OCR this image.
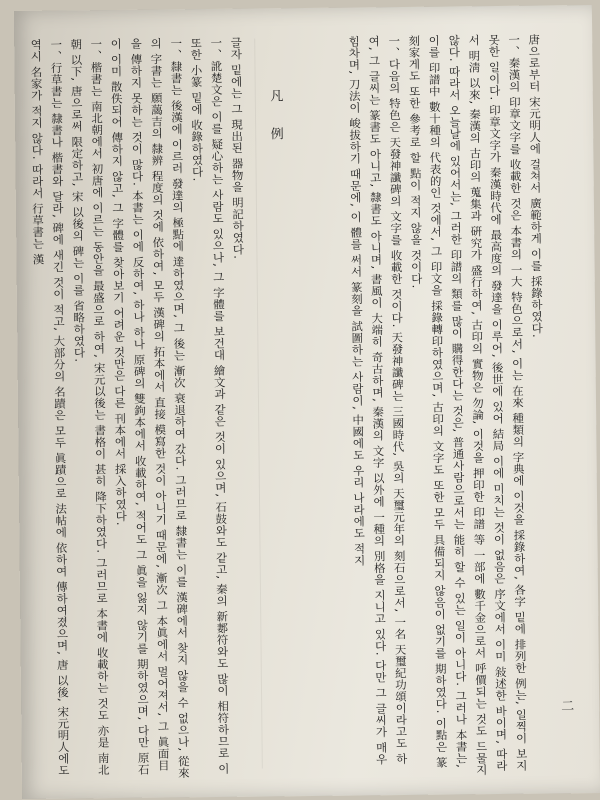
凡 例	唐으로부터 宋元明人에 걸쳐서 廣範하게 이를 採錄하였다.
一、秦漢의 印章文字를 收載한 것은 本書의 一大 特色으로서, 이는 在來 種類의 字典에 이것을 採錄하여, 各字 밑에 排列한 例는, 일찍이 보지 못한 일이다. 印章文字가 秦漢時代에 最高度의 發達을 이루어, 後世에 있어 結局 이에 미치는 것이 없음은 序文에서 이미 敍述한 바이며, 따라서 明淸 以來, 秦漢의 古印의 蒐集과 硏究가 盛行하여, 古印의 實物은 勿論, 이것을 押印한 印譜 等 一部에 數千金으로서 呼價되는 것도 드물지 않다. 따라서 오늘날에 있어서는, 그러한 印譜의 類를 많이 購得한다는 것은, 普通사람으로서는 能히 할 수 있는 일이 아니다. 그러나 本書는, 이를 印譜中 數十種의 代表的인 것에서, 그 印文을 採錄轉印하였으며, 古印의 文字도 또한 모두 具備되지 않음이 없기를 期하였다. 이點은 篆刻家게도 또한 參考로 할 點이 적지 않을 것이다.
一、다음의 特色은 天發神讖碑의 文字를 收載한 것이다. 天發神讖碑는 三國時代, 吳의 天璽元年의 刻石으로서, 一名 天璽紀功頌이라고도 하여, 그 글씨는 篆書도 아니고, 隸書도 아니며, 書風이 大端히 奇古하며, 秦漢의 文字 以外에 一種의 別格을 지니고 있다. 다만 그 글씨가 매우 힘차며, 刀法이 峻拔하기 때문에, 이 體를 써서 篆刻을 試圖하는 사람이, 中國에도 우리 나라에도 적지
글자 밑에는 그 現出된 器物을 明記하였다.
一、訛楚文은 이를 疑心하는 사람도 있으나, 그 字體를 보건대 繪文과 같은 것이 있으며, 石鼓와도 같고, 秦의 新郪符와도 많이 相符하므로 이 또한 小篆 밑에 收錄하였다.
一、隸書는 後漢에 이르러 發達의 極點에 達하였으며, 그 後는 漸次 衰退하여 갔다. 그러므로 隸書는 이를 漢碑에서 찾지 않을 수 없으나, 從來의 字書는 願藹吉의 隸辨 程度의 것에 依하여, 모두 漢碑의 拓本에서 直接 模寫한 것이 아니기 때문에, 漸次 그 本眞에서 멀어져서, 그 眞面目을 傳하지 못하는 것이 많다. 本書는 이에 反하여, 하나 하나 原碑의 雙鉤本에서 收載하여, 적어도 그 眞을 잃지 않기를 期하였으며, 다만 原石이 이미 散佚되어 傳하지 않고, 그 字體를 찾아보기 어려운 것만은 다른 刊本에서 採入하였다.
一、楷書는 南北朝에서 初唐에 이르는 동안을 最盛으로 하여, 宋元以後는 書格이 甚히 降下하였다. 그러므로 本書에 收載하는 것도 亦是 南北朝 以下, 唐으로써 限定하고, 宋 以後의 碑는 이를 省略하였다.
一、行草書는 隸書나 楷書와 달라, 碑에 새긴 것이 적고, 大部分의 名蹟은 모두 眞蹟으로 法帖에 依하여 傳하여졌으며, 唐 以後, 宋元明人에도 역시 名家가 적지 않다. 따라서 行草書는 漢
二
